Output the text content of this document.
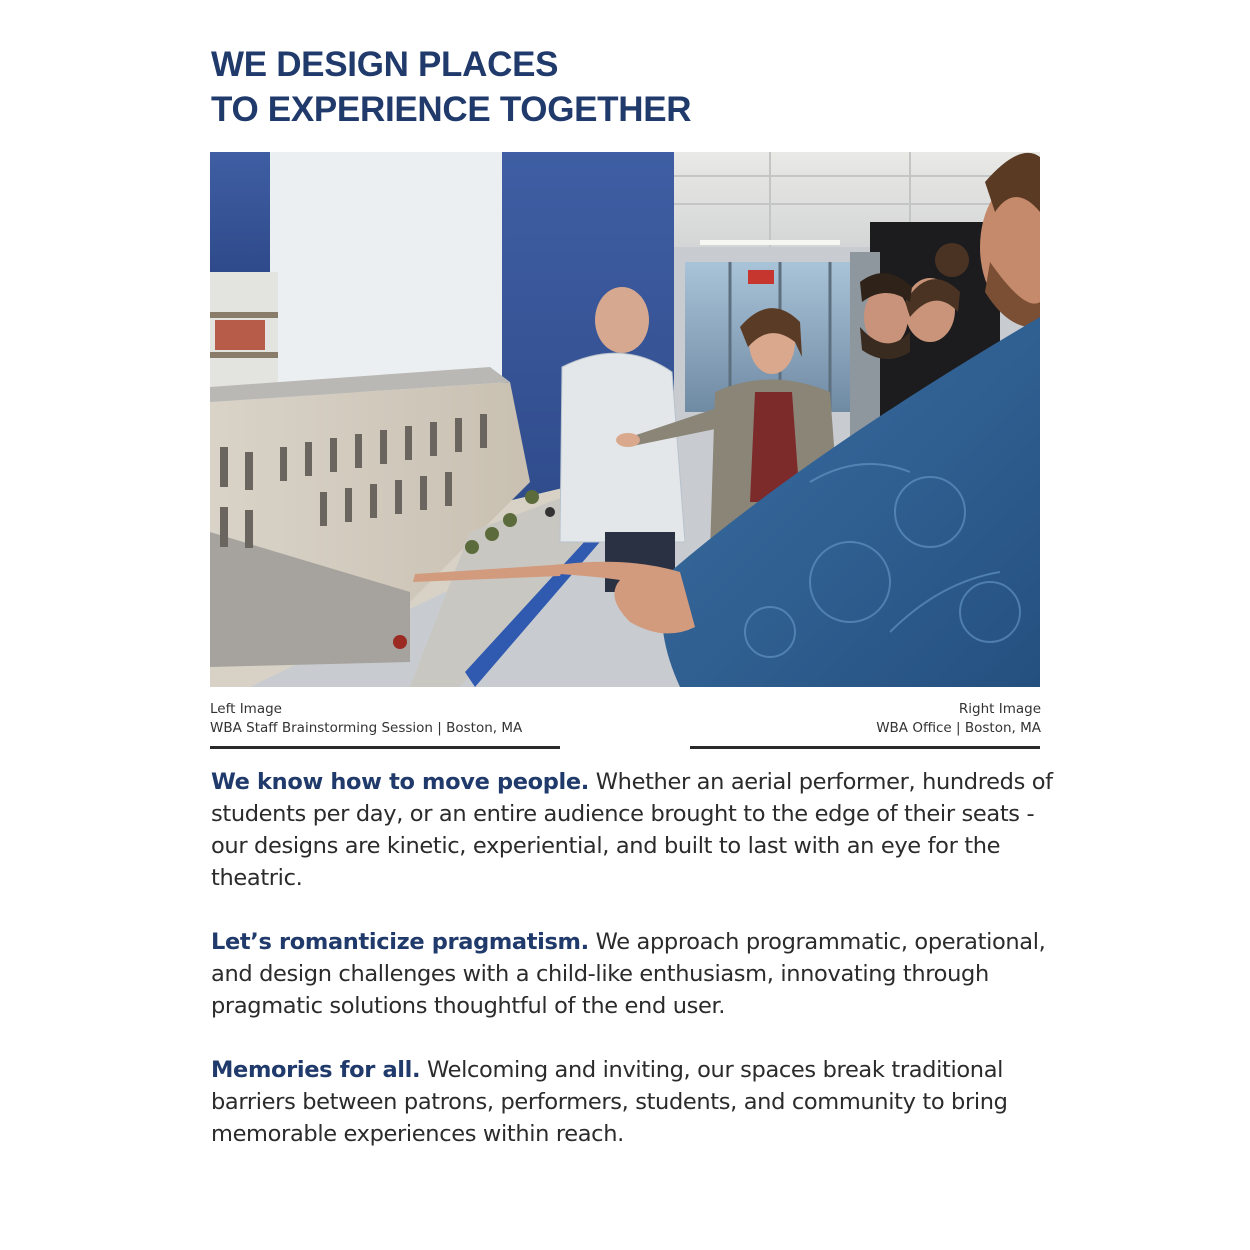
WE DESIGN PLACES
TO EXPERIENCE TOGETHER
Left Image
WBA Staff Brainstorming Session | Boston, MA
Right Image
WBA Office | Boston, MA

We know how to move people. Whether an aerial performer, hundreds of students per day, or an entire audience brought to the edge of their seats - our designs are kinetic, experiential, and built to last with an eye for the theatric.

Let’s romanticize pragmatism. We approach programmatic, operational, and design challenges with a child-like enthusiasm, innovating through pragmatic solutions thoughtful of the end user.

Memories for all. Welcoming and inviting, our spaces break traditional barriers between patrons, performers, students, and community to bring memorable experiences within reach.
